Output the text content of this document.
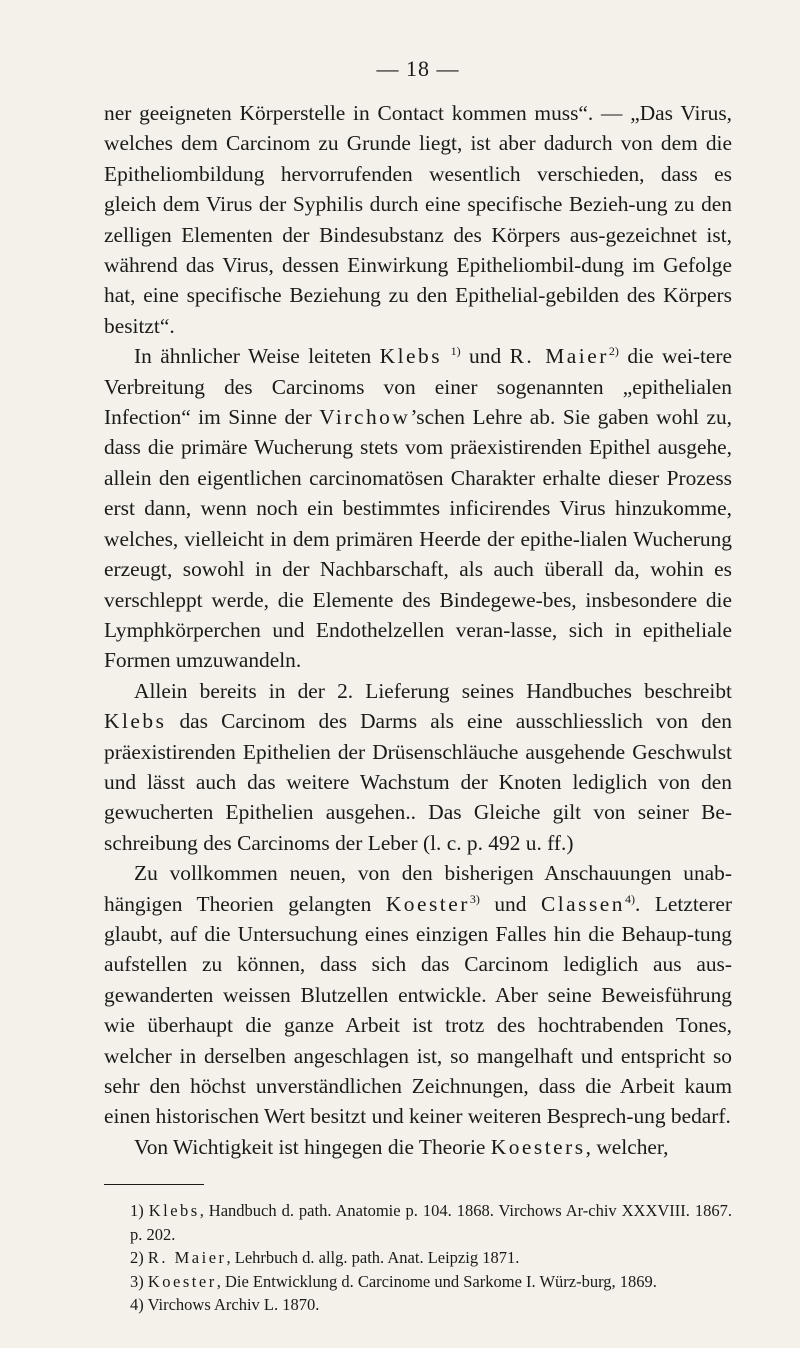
— 18 —

ner geeigneten Körperstelle in Contact kommen muss“. — „Das Virus, welches dem Carcinom zu Grunde liegt, ist aber dadurch von dem die Epitheliombildung hervorrufenden wesentlich verschieden, dass es gleich dem Virus der Syphilis durch eine specifische Bezieh-ung zu den zelligen Elementen der Bindesubstanz des Körpers aus-gezeichnet ist, während das Virus, dessen Einwirkung Epitheliombil-dung im Gefolge hat, eine specifische Beziehung zu den Epithelial-gebilden des Körpers besitzt“.

In ähnlicher Weise leiteten Klebs $^{1)}$ und R. Maier$^{2)}$ die wei-tere Verbreitung des Carcinoms von einer sogenannten „epithelialen Infection“ im Sinne der Virchow’schen Lehre ab. Sie gaben wohl zu, dass die primäre Wucherung stets vom präexistirenden Epithel ausgehe, allein den eigentlichen carcinomatösen Charakter erhalte dieser Prozess erst dann, wenn noch ein bestimmtes inficirendes Virus hinzukomme, welches, vielleicht in dem primären Heerde der epithe-lialen Wucherung erzeugt, sowohl in der Nachbarschaft, als auch überall da, wohin es verschleppt werde, die Elemente des Bindegewe-bes, insbesondere die Lymphkörperchen und Endothelzellen veran-lasse, sich in epitheliale Formen umzuwandeln.

Allein bereits in der 2. Lieferung seines Handbuches beschreibt Klebs das Carcinom des Darms als eine ausschliesslich von den präexistirenden Epithelien der Drüsenschläuche ausgehende Geschwulst und lässt auch das weitere Wachstum der Knoten lediglich von den gewucherten Epithelien ausgehen.. Das Gleiche gilt von seiner Be-schreibung des Carcinoms der Leber (l. c. p. 492 u. ff.)

Zu vollkommen neuen, von den bisherigen Anschauungen unab-hängigen Theorien gelangten Koester$^{3)}$ und Classen$^{4)}$. Letzterer glaubt, auf die Untersuchung eines einzigen Falles hin die Behaup-tung aufstellen zu können, dass sich das Carcinom lediglich aus aus-gewanderten weissen Blutzellen entwickle. Aber seine Beweisführung wie überhaupt die ganze Arbeit ist trotz des hochtrabenden Tones, welcher in derselben angeschlagen ist, so mangelhaft und entspricht so sehr den höchst unverständlichen Zeichnungen, dass die Arbeit kaum einen historischen Wert besitzt und keiner weiteren Besprech-ung bedarf.

Von Wichtigkeit ist hingegen die Theorie Koesters, welcher,

1) Klebs, Handbuch d. path. Anatomie p. 104. 1868. Virchows Ar-chiv XXXVIII. 1867. p. 202.
2) R. Maier, Lehrbuch d. allg. path. Anat. Leipzig 1871.
3) Koester, Die Entwicklung d. Carcinome und Sarkome I. Würz-burg, 1869.
4) Virchows Archiv L. 1870.
